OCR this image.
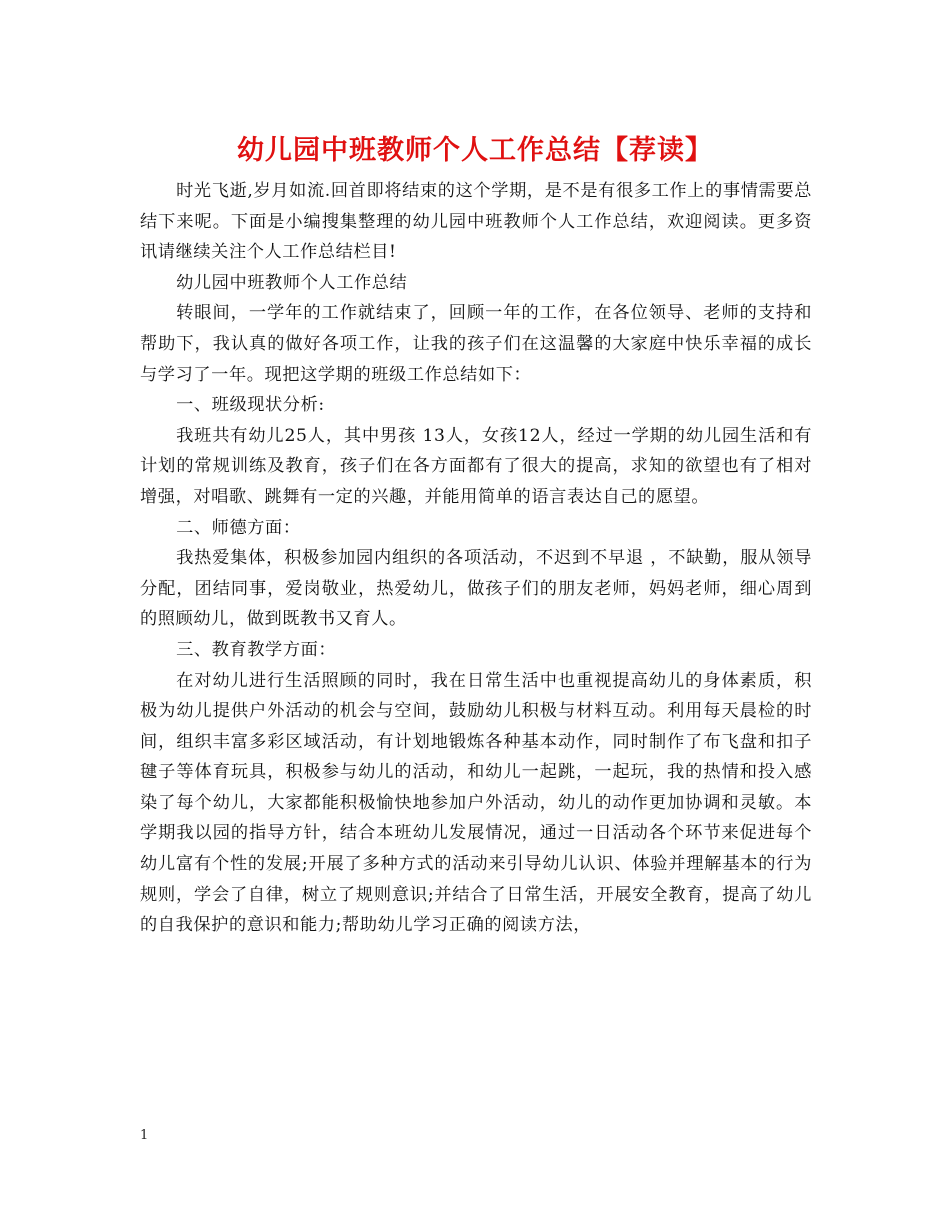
幼儿园中班教师个人工作总结【荐读】

时光飞逝,岁月如流.回首即将结束的这个学期，是不是有很多工作上的事情需要总结下来呢。下面是小编搜集整理的幼儿园中班教师个人工作总结，欢迎阅读。更多资讯请继续关注个人工作总结栏目!

幼儿园中班教师个人工作总结

转眼间，一学年的工作就结束了，回顾一年的工作，在各位领导、老师的支持和帮助下，我认真的做好各项工作，让我的孩子们在这温馨的大家庭中快乐幸福的成长与学习了一年。现把这学期的班级工作总结如下：

一、班级现状分析:

我班共有幼儿25人，其中男孩 13人，女孩12人，经过一学期的幼儿园生活和有计划的常规训练及教育，孩子们在各方面都有了很大的提高，求知的欲望也有了相对增强，对唱歌、跳舞有一定的兴趣，并能用简单的语言表达自己的愿望。

二、师德方面：

我热爱集体，积极参加园内组织的各项活动，不迟到不早退 ，不缺勤，服从领导分配，团结同事，爱岗敬业，热爱幼儿，做孩子们的朋友老师，妈妈老师，细心周到的照顾幼儿，做到既教书又育人。

三、教育教学方面：

在对幼儿进行生活照顾的同时，我在日常生活中也重视提高幼儿的身体素质，积极为幼儿提供户外活动的机会与空间，鼓励幼儿积极与材料互动。利用每天晨检的时间，组织丰富多彩区域活动，有计划地锻炼各种基本动作，同时制作了布飞盘和扣子毽子等体育玩具，积极参与幼儿的活动，和幼儿一起跳，一起玩，我的热情和投入感染了每个幼儿，大家都能积极愉快地参加户外活动，幼儿的动作更加协调和灵敏。本学期我以园的指导方针，结合本班幼儿发展情况，通过一日活动各个环节来促进每个幼儿富有个性的发展;开展了多种方式的活动来引导幼儿认识、体验并理解基本的行为规则，学会了自律，树立了规则意识;并结合了日常生活，开展安全教育，提高了幼儿的自我保护的意识和能力;帮助幼儿学习正确的阅读方法，

1
